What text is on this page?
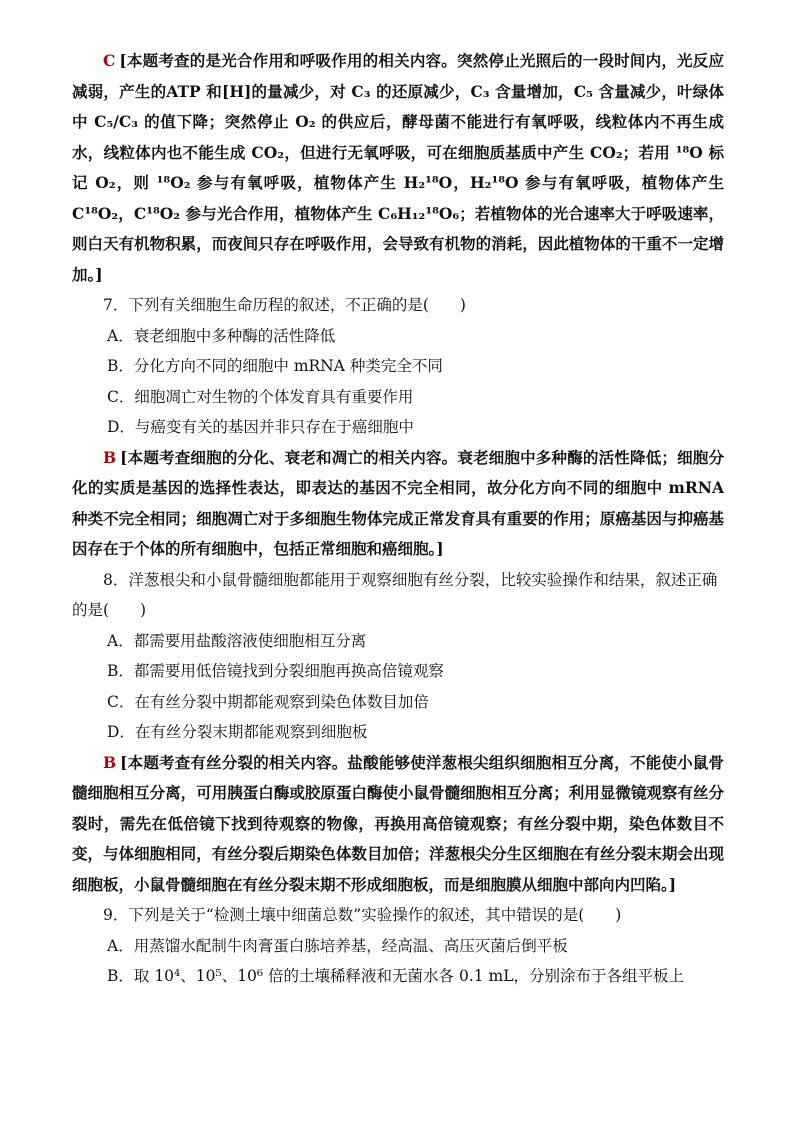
C [本题考查的是光合作用和呼吸作用的相关内容。突然停止光照后的一段时间内，光反应减弱，产生的ATP 和[H]的量减少，对 C₃ 的还原减少，C₃ 含量增加，C₅ 含量减少，叶绿体中 C₅/C₃ 的值下降；突然停止 O₂ 的供应后，酵母菌不能进行有氧呼吸，线粒体内不再生成水，线粒体内也不能生成 CO₂，但进行无氧呼吸，可在细胞质基质中产生 CO₂；若用 ¹⁸O 标记 O₂，则 ¹⁸O₂ 参与有氧呼吸，植物体产生 H₂¹⁸O，H₂¹⁸O 参与有氧呼吸，植物体产生 C¹⁸O₂，C¹⁸O₂ 参与光合作用，植物体产生 C₆H₁₂¹⁸O₆；若植物体的光合速率大于呼吸速率，则白天有机物积累，而夜间只存在呼吸作用，会导致有机物的消耗，因此植物体的干重不一定增加。]

7．下列有关细胞生命历程的叙述，不正确的是(　　)

A．衰老细胞中多种酶的活性降低

B．分化方向不同的细胞中 mRNA 种类完全不同

C．细胞凋亡对生物的个体发育具有重要作用

D．与癌变有关的基因并非只存在于癌细胞中

B [本题考查细胞的分化、衰老和凋亡的相关内容。衰老细胞中多种酶的活性降低；细胞分化的实质是基因的选择性表达，即表达的基因不完全相同，故分化方向不同的细胞中 mRNA 种类不完全相同；细胞凋亡对于多细胞生物体完成正常发育具有重要的作用；原癌基因与抑癌基因存在于个体的所有细胞中，包括正常细胞和癌细胞。]

8．洋葱根尖和小鼠骨髓细胞都能用于观察细胞有丝分裂，比较实验操作和结果，叙述正确的是(　　)

A．都需要用盐酸溶液使细胞相互分离

B．都需要用低倍镜找到分裂细胞再换高倍镜观察

C．在有丝分裂中期都能观察到染色体数目加倍

D．在有丝分裂末期都能观察到细胞板

B [本题考查有丝分裂的相关内容。盐酸能够使洋葱根尖组织细胞相互分离，不能使小鼠骨髓细胞相互分离，可用胰蛋白酶或胶原蛋白酶使小鼠骨髓细胞相互分离；利用显微镜观察有丝分裂时，需先在低倍镜下找到待观察的物像，再换用高倍镜观察；有丝分裂中期，染色体数目不变，与体细胞相同，有丝分裂后期染色体数目加倍；洋葱根尖分生区细胞在有丝分裂末期会出现细胞板，小鼠骨髓细胞在有丝分裂末期不形成细胞板，而是细胞膜从细胞中部向内凹陷。]

9．下列是关于“检测土壤中细菌总数”实验操作的叙述，其中错误的是(　　)

A．用蒸馏水配制牛肉膏蛋白胨培养基，经高温、高压灭菌后倒平板

B．取 10⁴、10⁵、10⁶ 倍的土壤稀释液和无菌水各 0.1 mL，分别涂布于各组平板上
